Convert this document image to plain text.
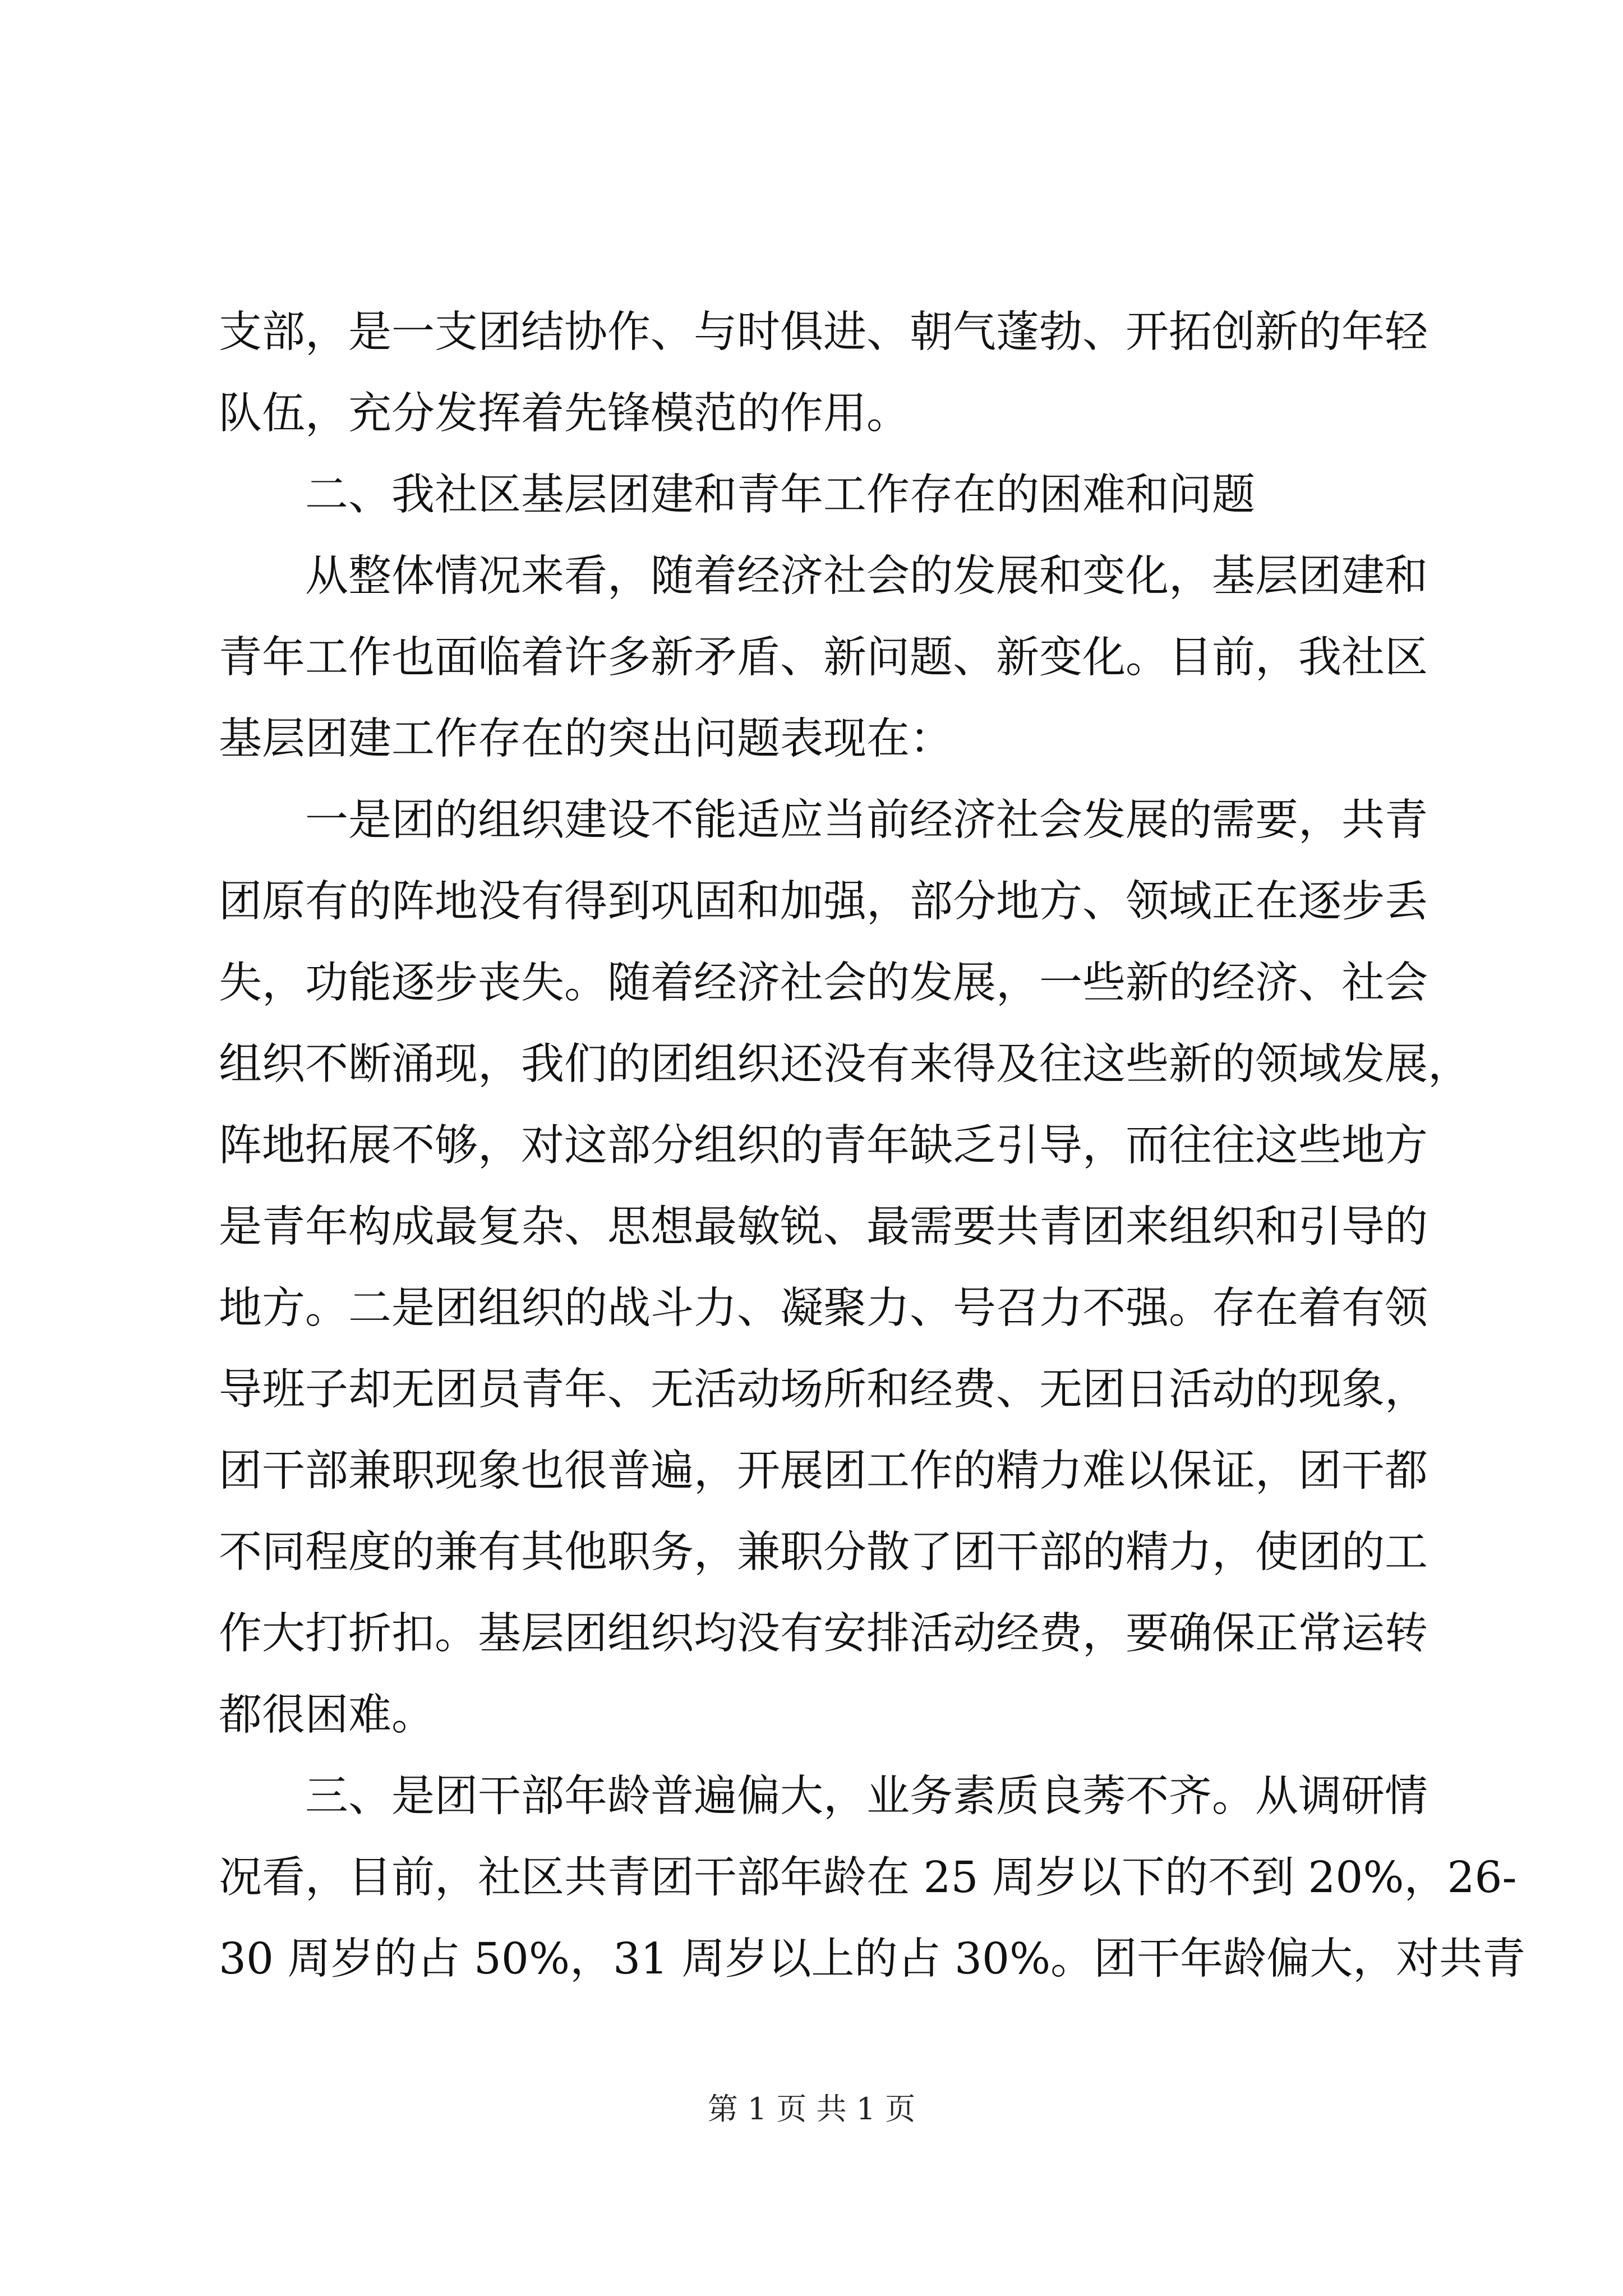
支部，是一支团结协作、与时俱进、朝气蓬勃、开拓创新的年轻
队伍，充分发挥着先锋模范的作用。
　　二、我社区基层团建和青年工作存在的困难和问题
　　从整体情况来看，随着经济社会的发展和变化，基层团建和
青年工作也面临着许多新矛盾、新问题、新变化。目前，我社区
基层团建工作存在的突出问题表现在：
　　一是团的组织建设不能适应当前经济社会发展的需要，共青
团原有的阵地没有得到巩固和加强，部分地方、领域正在逐步丢
失，功能逐步丧失。随着经济社会的发展，一些新的经济、社会
组织不断涌现，我们的团组织还没有来得及往这些新的领域发展，
阵地拓展不够，对这部分组织的青年缺乏引导，而往往这些地方
是青年构成最复杂、思想最敏锐、最需要共青团来组织和引导的
地方。二是团组织的战斗力、凝聚力、号召力不强。存在着有领
导班子却无团员青年、无活动场所和经费、无团日活动的现象，
团干部兼职现象也很普遍，开展团工作的精力难以保证，团干都
不同程度的兼有其他职务，兼职分散了团干部的精力，使团的工
作大打折扣。基层团组织均没有安排活动经费，要确保正常运转
都很困难。
　　三、是团干部年龄普遍偏大，业务素质良莠不齐。从调研情
况看，目前，社区共青团干部年龄在 25 周岁以下的不到 20%，26-
30 周岁的占 50%，31 周岁以上的占 30%。团干年龄偏大，对共青
第 1 页 共 1 页
